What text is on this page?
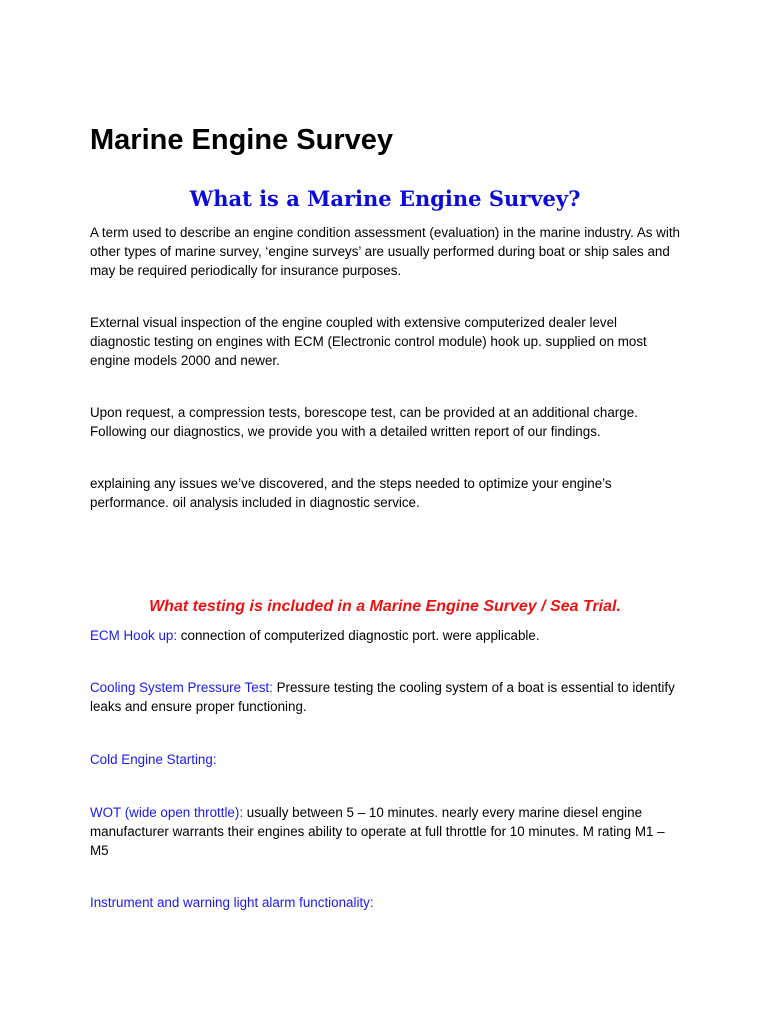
Marine Engine Survey
What is a Marine Engine Survey?

A term used to describe an engine condition assessment (evaluation) in the marine industry. As with other types of marine survey, ‘engine surveys’ are usually performed during boat or ship sales and may be required periodically for insurance purposes.

External visual inspection of the engine coupled with extensive computerized dealer level diagnostic testing on engines with ECM (Electronic control module) hook up. supplied on most engine models 2000 and newer.

Upon request, a compression tests, borescope test, can be provided at an additional charge. Following our diagnostics, we provide you with a detailed written report of our findings.

explaining any issues we’ve discovered, and the steps needed to optimize your engine’s performance. oil analysis included in diagnostic service.

What testing is included in a Marine Engine Survey / Sea Trial.

ECM Hook up: connection of computerized diagnostic port. were applicable.

Cooling System Pressure Test: Pressure testing the cooling system of a boat is essential to identify leaks and ensure proper functioning.

Cold Engine Starting:

WOT (wide open throttle): usually between 5 – 10 minutes. nearly every marine diesel engine manufacturer warrants their engines ability to operate at full throttle for 10 minutes. M rating M1 – M5

Instrument and warning light alarm functionality:
